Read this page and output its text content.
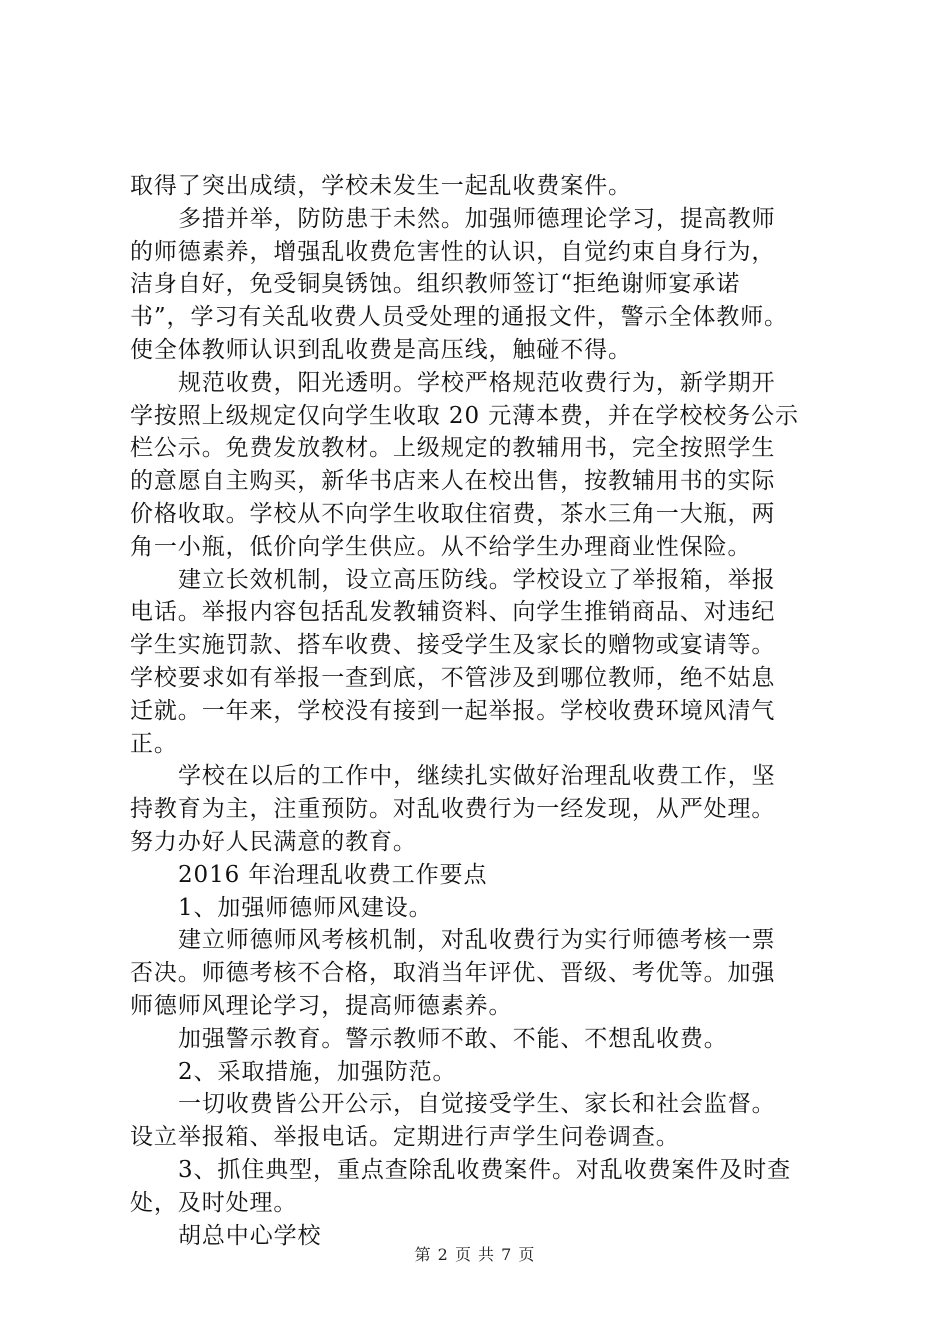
取得了突出成绩，学校未发生一起乱收费案件。
多措并举，防防患于未然。加强师德理论学习，提高教师
的师德素养，增强乱收费危害性的认识，自觉约束自身行为，
洁身自好，免受铜臭锈蚀。组织教师签订“拒绝谢师宴承诺
书”，学习有关乱收费人员受处理的通报文件，警示全体教师。
使全体教师认识到乱收费是高压线，触碰不得。
规范收费，阳光透明。学校严格规范收费行为，新学期开
学按照上级规定仅向学生收取 20 元薄本费，并在学校校务公示
栏公示。免费发放教材。上级规定的教辅用书，完全按照学生
的意愿自主购买，新华书店来人在校出售，按教辅用书的实际
价格收取。学校从不向学生收取住宿费，茶水三角一大瓶，两
角一小瓶，低价向学生供应。从不给学生办理商业性保险。
建立长效机制，设立高压防线。学校设立了举报箱，举报
电话。举报内容包括乱发教辅资料、向学生推销商品、对违纪
学生实施罚款、搭车收费、接受学生及家长的赠物或宴请等。
学校要求如有举报一查到底，不管涉及到哪位教师，绝不姑息
迁就。一年来，学校没有接到一起举报。学校收费环境风清气
正。
学校在以后的工作中，继续扎实做好治理乱收费工作，坚
持教育为主，注重预防。对乱收费行为一经发现，从严处理。
努力办好人民满意的教育。
2016 年治理乱收费工作要点
1、加强师德师风建设。
建立师德师风考核机制，对乱收费行为实行师德考核一票
否决。师德考核不合格，取消当年评优、晋级、考优等。加强
师德师风理论学习，提高师德素养。
加强警示教育。警示教师不敢、不能、不想乱收费。
2、采取措施，加强防范。
一切收费皆公开公示，自觉接受学生、家长和社会监督。
设立举报箱、举报电话。定期进行声学生问卷调查。
3、抓住典型，重点查除乱收费案件。对乱收费案件及时查
处，及时处理。
胡总中心学校
第 2 页 共 7 页
